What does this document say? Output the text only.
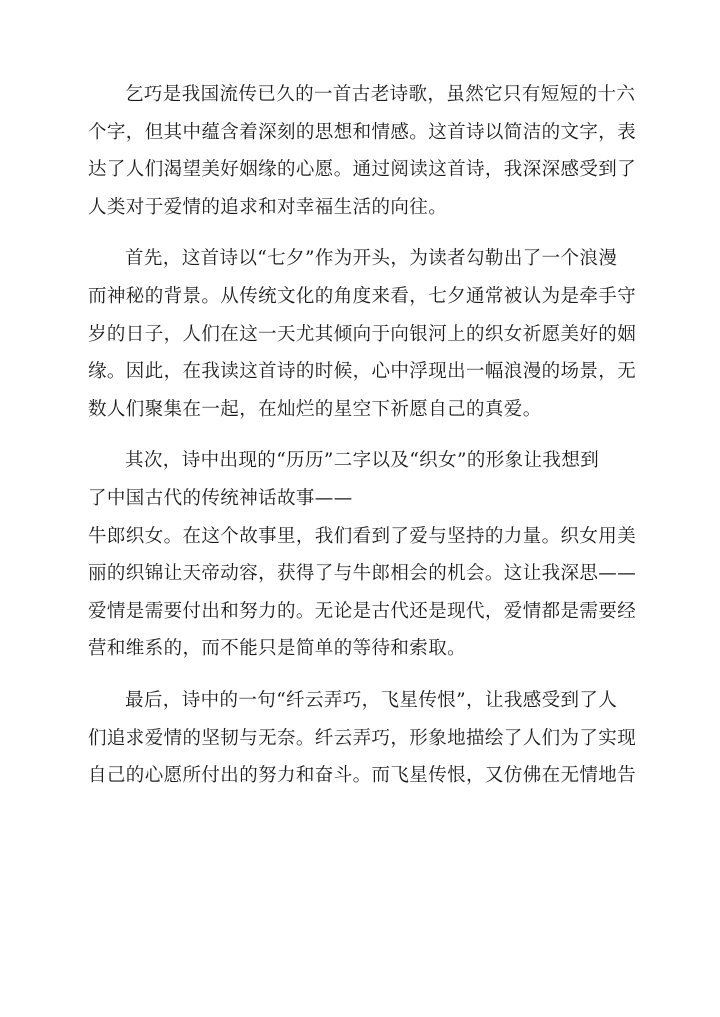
乞巧是我国流传已久的一首古老诗歌，虽然它只有短短的十六
个字，但其中蕴含着深刻的思想和情感。这首诗以简洁的文字，表
达了人们渴望美好姻缘的心愿。通过阅读这首诗，我深深感受到了
人类对于爱情的追求和对幸福生活的向往。
首先，这首诗以“七夕”作为开头，为读者勾勒出了一个浪漫
而神秘的背景。从传统文化的角度来看，七夕通常被认为是牵手守
岁的日子，人们在这一天尤其倾向于向银河上的织女祈愿美好的姻
缘。因此，在我读这首诗的时候，心中浮现出一幅浪漫的场景，无
数人们聚集在一起，在灿烂的星空下祈愿自己的真爱。
其次，诗中出现的“历历”二字以及“织女”的形象让我想到
了中国古代的传统神话故事——
牛郎织女。在这个故事里，我们看到了爱与坚持的力量。织女用美
丽的织锦让天帝动容，获得了与牛郎相会的机会。这让我深思——
爱情是需要付出和努力的。无论是古代还是现代，爱情都是需要经
营和维系的，而不能只是简单的等待和索取。
最后，诗中的一句“纤云弄巧，飞星传恨”，让我感受到了人
们追求爱情的坚韧与无奈。纤云弄巧，形象地描绘了人们为了实现
自己的心愿所付出的努力和奋斗。而飞星传恨，又仿佛在无情地告
